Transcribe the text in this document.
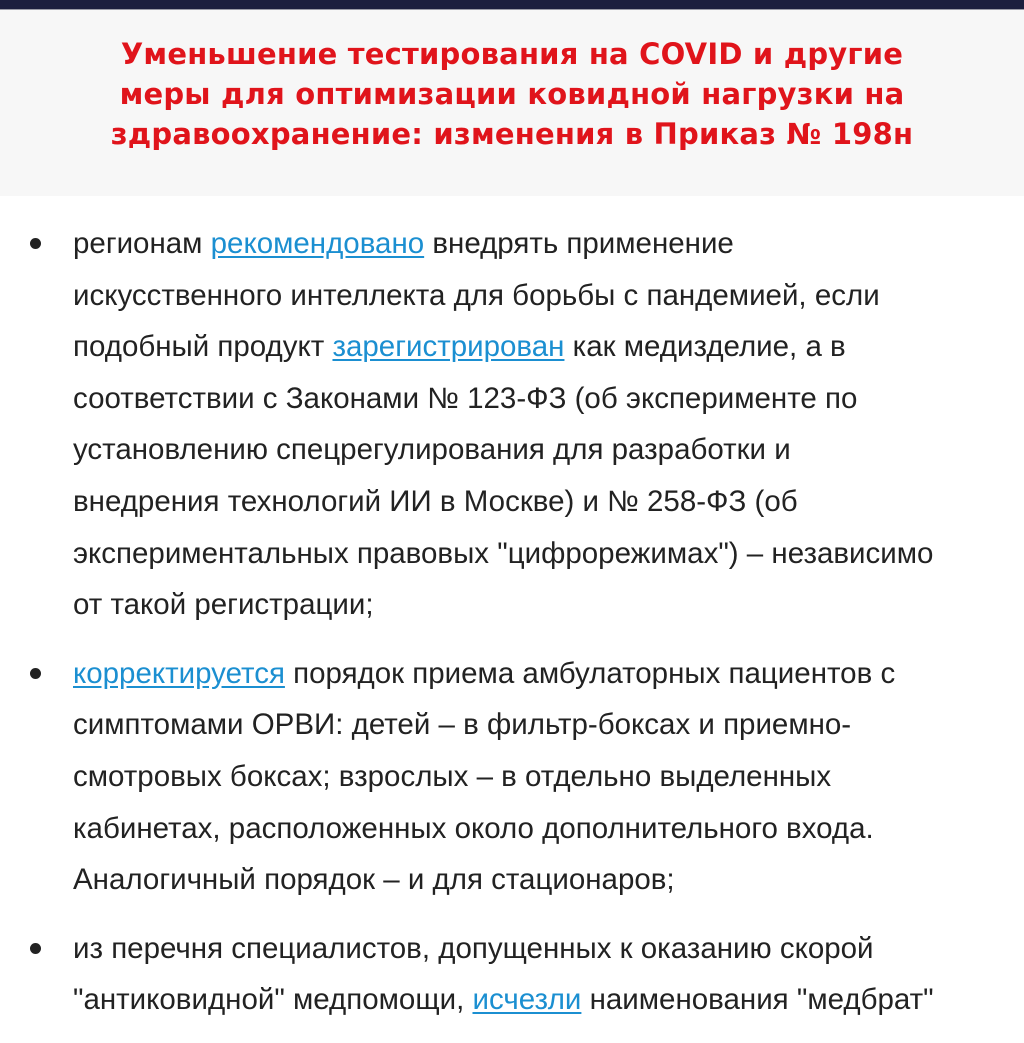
Уменьшение тестирования на COVID и другие
меры для оптимизации ковидной нагрузки на
здравоохранение: изменения в Приказ № 198н
регионам рекомендовано внедрять применение
искусственного интеллекта для борьбы с пандемией, если
подобный продукт зарегистрирован как медизделие, а в
соответствии с Законами № 123-ФЗ (об эксперименте по
установлению спецрегулирования для разработки и
внедрения технологий ИИ в Москве) и № 258-ФЗ (об
экспериментальных правовых "цифрорежимах") – независимо
от такой регистрации;
корректируется порядок приема амбулаторных пациентов с
симптомами ОРВИ: детей – в фильтр-боксах и приемно-
смотровых боксах; взрослых – в отдельно выделенных
кабинетах, расположенных около дополнительного входа.
Аналогичный порядок – и для стационаров;
из перечня специалистов, допущенных к оказанию скорой
"антиковидной" медпомощи, исчезли наименования "медбрат"
